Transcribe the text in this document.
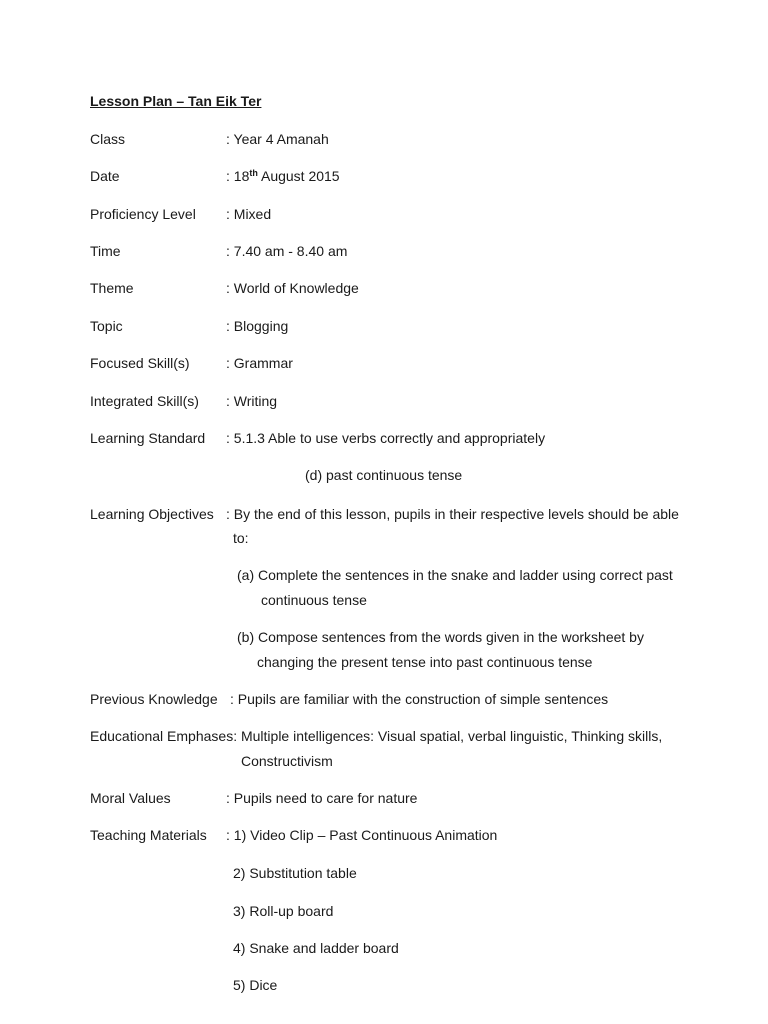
Lesson Plan – Tan Eik Ter
Class	: Year 4 Amanah
Date	: 18th August 2015
Proficiency Level : Mixed
Time	: 7.40 am - 8.40 am
Theme	: World of Knowledge
Topic	: Blogging
Focused Skill(s)	: Grammar
Integrated Skill(s) : Writing
Learning Standard : 5.1.3 Able to use verbs correctly and appropriately
(d) past continuous tense
Learning Objectives : By the end of this lesson, pupils in their respective levels should be able
to:
(a) Complete the sentences in the snake and ladder using correct past
continuous tense
(b) Compose sentences from the words given in the worksheet by
changing the present tense into past continuous tense
Previous Knowledge : Pupils are familiar with the construction of simple sentences
Educational Emphases: Multiple intelligences: Visual spatial, verbal linguistic, Thinking skills,
Constructivism
Moral Values	: Pupils need to care for nature
Teaching Materials : 1) Video Clip – Past Continuous Animation
2) Substitution table
3) Roll-up board
4) Snake and ladder board
5) Dice
